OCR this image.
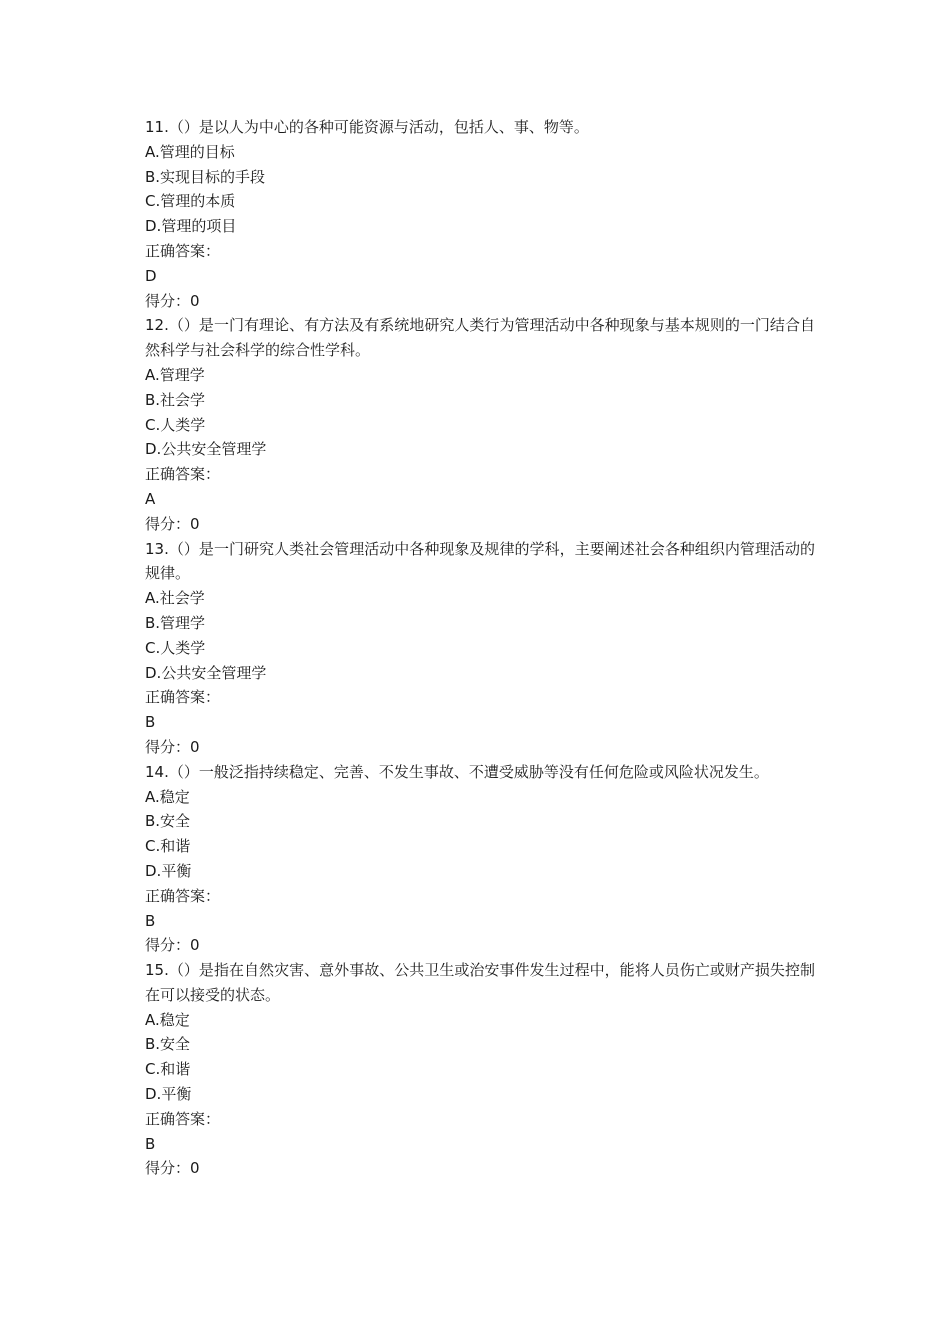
11.（）是以人为中心的各种可能资源与活动，包括人、事、物等。
A.管理的目标
B.实现目标的手段
C.管理的本质
D.管理的项目
正确答案：
D
得分：0
12.（）是一门有理论、有方法及有系统地研究人类行为管理活动中各种现象与基本规则的一门结合自然科学与社会科学的综合性学科。
A.管理学
B.社会学
C.人类学
D.公共安全管理学
正确答案：
A
得分：0
13.（）是一门研究人类社会管理活动中各种现象及规律的学科，主要阐述社会各种组织内管理活动的规律。
A.社会学
B.管理学
C.人类学
D.公共安全管理学
正确答案：
B
得分：0
14.（）一般泛指持续稳定、完善、不发生事故、不遭受威胁等没有任何危险或风险状况发生。
A.稳定
B.安全
C.和谐
D.平衡
正确答案：
B
得分：0
15.（）是指在自然灾害、意外事故、公共卫生或治安事件发生过程中，能将人员伤亡或财产损失控制在可以接受的状态。
A.稳定
B.安全
C.和谐
D.平衡
正确答案：
B
得分：0
